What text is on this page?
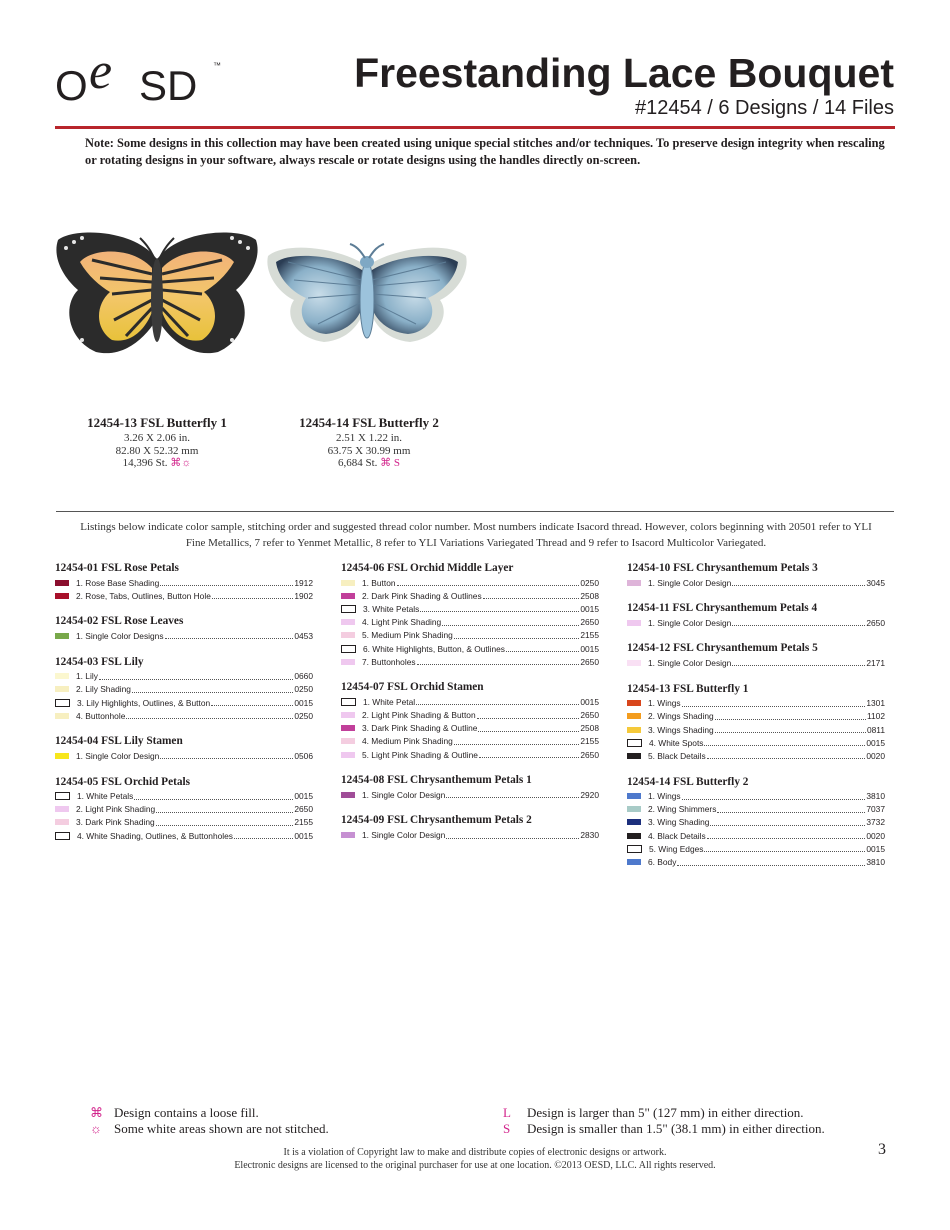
O e SD ™	Freestanding Lace Bouquet
#12454 / 6 Designs / 14 Files
Note: Some designs in this collection may have been created using unique special stitches and/or techniques. To preserve design integrity when rescaling or rotating designs in your software, always rescale or rotate designs using the handles directly on-screen.
12454-13 FSL Butterfly 1
3.26 X 2.06 in.
82.80 X 52.32 mm
14,396 St. ⌘☼
12454-14 FSL Butterfly 2
2.51 X 1.22 in.
63.75 X 30.99 mm
6,684 St. ⌘ S
Listings below indicate color sample, stitching order and suggested thread color number. Most numbers indicate Isacord thread. However, colors beginning with 20501 refer to YLI Fine Metallics, 7 refer to Yenmet Metallic, 8 refer to YLI Variations Variegated Thread and 9 refer to Isacord Multicolor Variegated.
12454-01 FSL Rose Petals
1. Rose Base Shading	1912
2. Rose, Tabs, Outlines, Button Hole	1902
12454-02 FSL Rose Leaves
1. Single Color Designs	0453
12454-03 FSL Lily
1. Lily	0660
2. Lily Shading	0250
3. Lily Highlights, Outlines, & Button	0015
4. Buttonhole	0250
12454-04 FSL Lily Stamen
1. Single Color Design	0506
12454-05 FSL Orchid Petals
1. White Petals	0015
2. Light Pink Shading	2650
3. Dark Pink Shading	2155
4. White Shading, Outlines, & Buttonholes	0015
12454-06 FSL Orchid Middle Layer
1. Button	0250
2. Dark Pink Shading & Outlines	2508
3. White Petals	0015
4. Light Pink Shading	2650
5. Medium Pink Shading	2155
6. White Highlights, Button, & Outlines	0015
7. Buttonholes	2650
12454-07 FSL Orchid Stamen
1. White Petal	0015
2. Light Pink Shading & Button	2650
3. Dark Pink Shading & Outline	2508
4. Medium Pink Shading	2155
5. Light Pink Shading & Outline	2650
12454-08 FSL Chrysanthemum Petals 1
1. Single Color Design	2920
12454-09 FSL Chrysanthemum Petals 2
1. Single Color Design	2830
12454-10 FSL Chrysanthemum Petals 3
1. Single Color Design	3045
12454-11 FSL Chrysanthemum Petals 4
1. Single Color Design	2650
12454-12 FSL Chrysanthemum Petals 5
1. Single Color Design	2171
12454-13 FSL Butterfly 1
1. Wings	1301
2. Wings Shading	1102
3. Wings Shading	0811
4. White Spots	0015
5. Black Details	0020
12454-14 FSL Butterfly 2
1. Wings	3810
2. Wing Shimmers	7037
3. Wing Shading	3732
4. Black Details	0020
5. Wing Edges	0015
6. Body	3810
⌘ Design contains a loose fill.
☼ Some white areas shown are not stitched.
L	Design is larger than 5" (127 mm) in either direction.
S	Design is smaller than 1.5" (38.1 mm) in either direction.
It is a violation of Copyright law to make and distribute copies of electronic designs or artwork.
Electronic designs are licensed to the original purchaser for use at one location. ©2013 OESD, LLC. All rights reserved.
3
